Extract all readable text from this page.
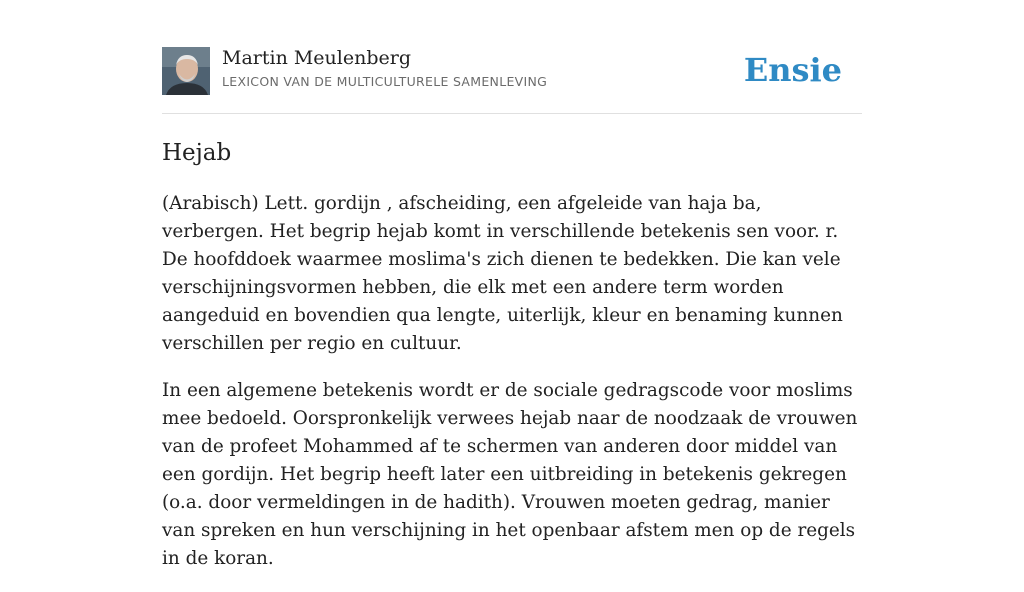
Martin Meulenberg
LEXICON VAN DE MULTICULTURELE SAMENLEVING	Ensie
Hejab

(Arabisch) Lett. gordijn , afscheiding, een afgeleide van haja ba, verbergen. Het begrip hejab komt in verschillende betekenis sen voor. r. De hoofddoek waarmee moslima's zich dienen te bedekken. Die kan vele verschijningsvormen hebben, die elk met een andere term worden aangeduid en bovendien qua lengte, uiterlijk, kleur en benaming kunnen verschillen per regio en cultuur.

In een algemene betekenis wordt er de sociale gedragscode voor moslims mee bedoeld. Oorspronkelijk verwees hejab naar de noodzaak de vrouwen van de profeet Mohammed af te schermen van anderen door middel van een gordijn. Het begrip heeft later een uitbreiding in betekenis gekregen (o.a. door vermeldingen in de hadith). Vrouwen moeten gedrag, manier van spreken en hun verschijning in het openbaar afstem men op de regels in de koran.
